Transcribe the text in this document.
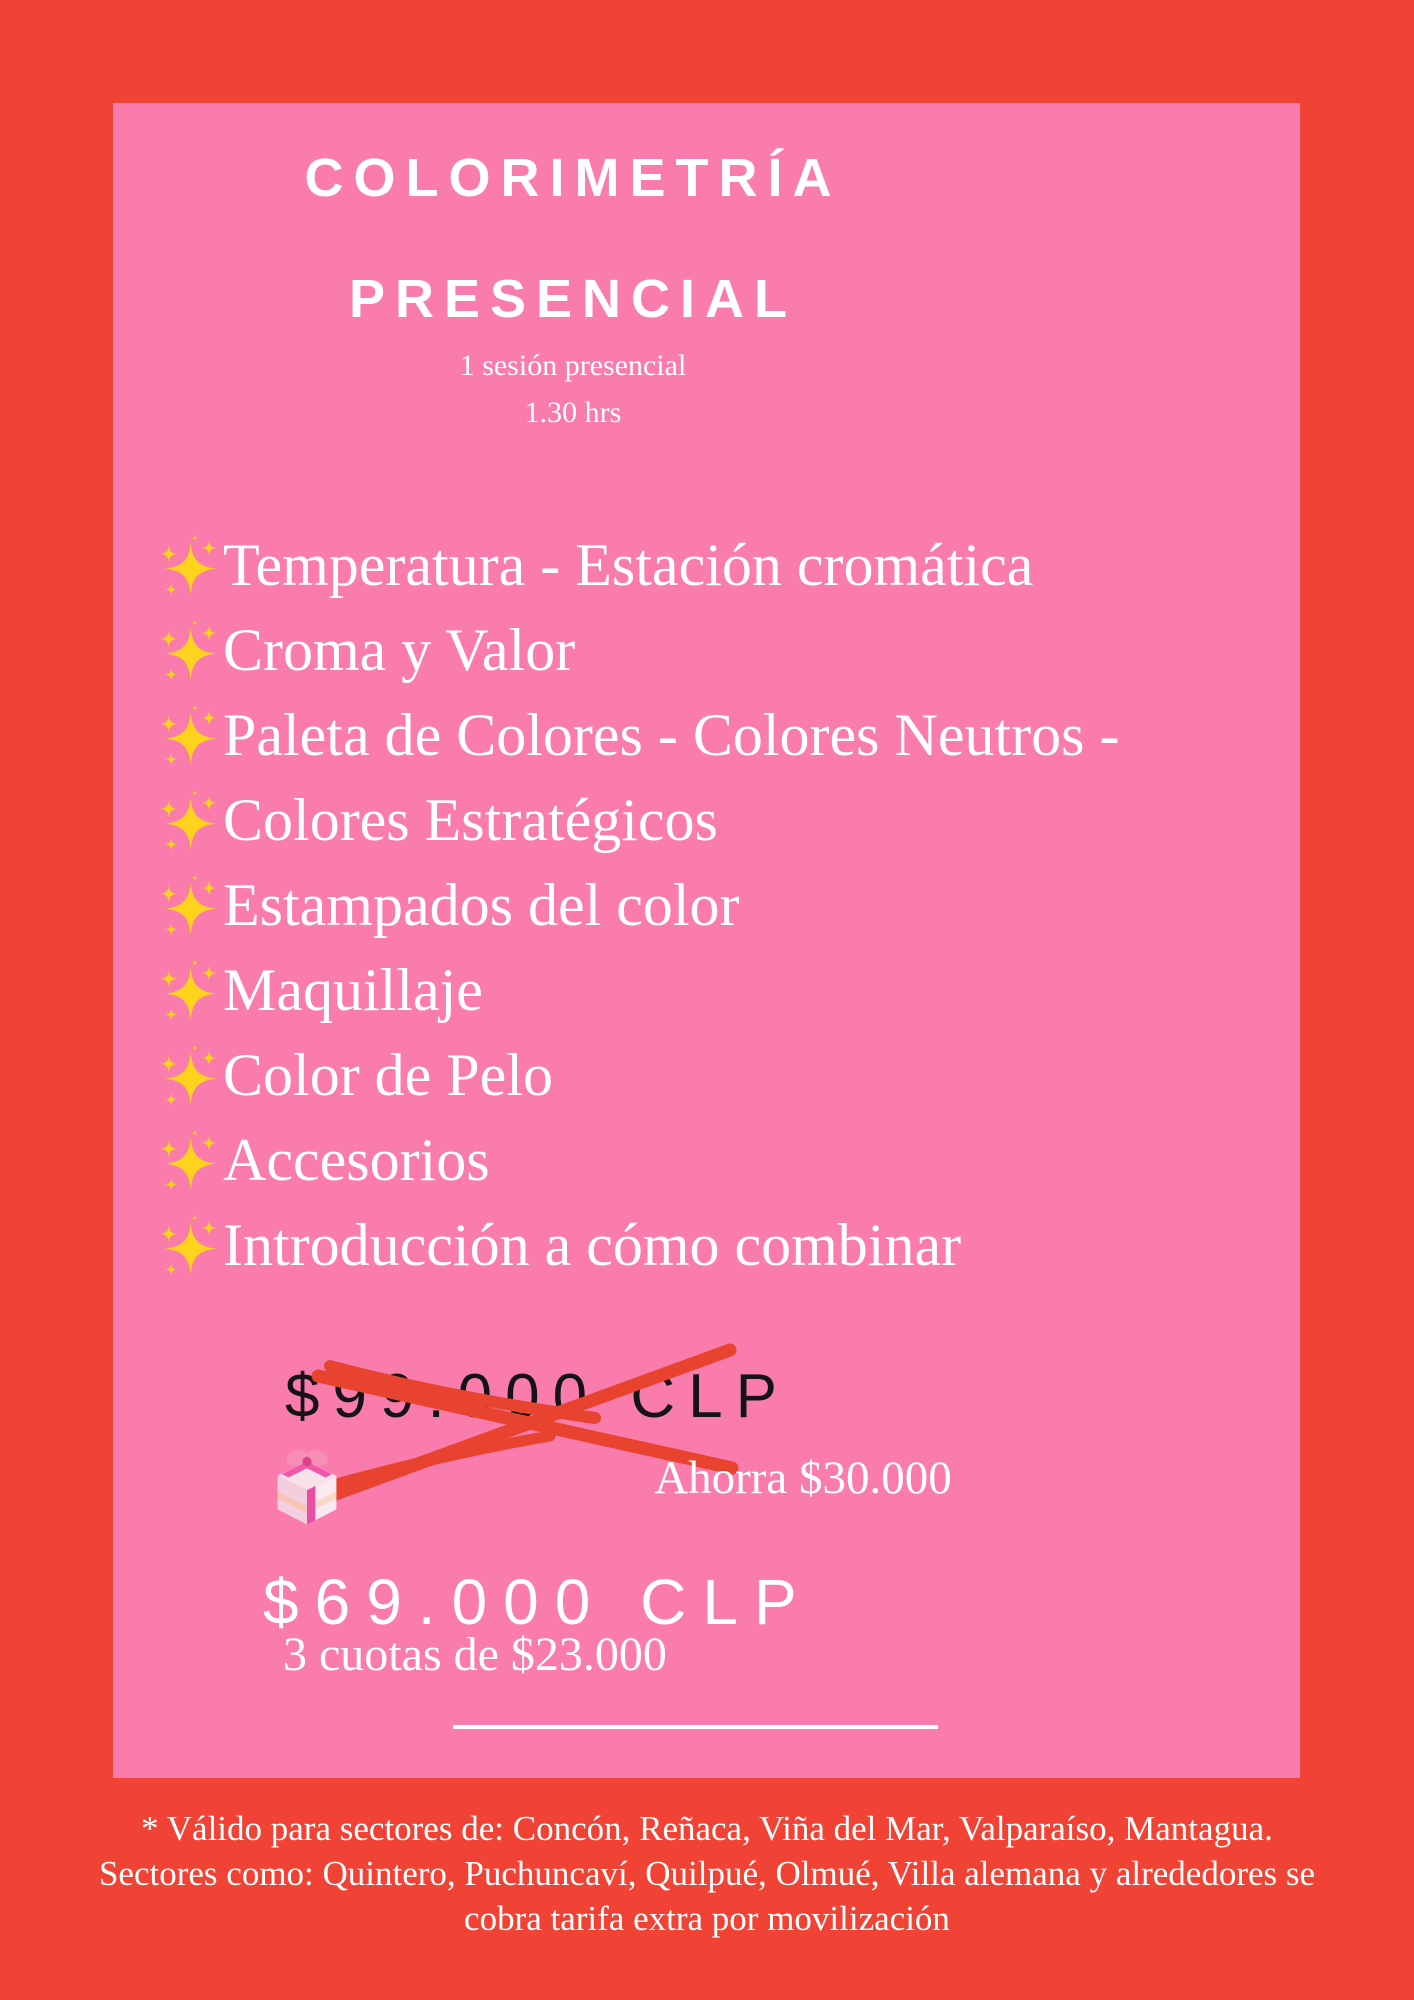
COLORIMETRÍA
PRESENCIAL
1 sesión presencial
1.30 hrs
Temperatura - Estación cromática
Croma y Valor
Paleta de Colores - Colores Neutros -
Colores Estratégicos
Estampados del color
Maquillaje
Color de Pelo
Accesorios
Introducción a cómo combinar
$99.000 CLP
Ahorra $30.000
$69.000 CLP
3 cuotas de $23.000
* Válido para sectores de: Concón, Reñaca, Viña del Mar, Valparaíso, Mantagua.
Sectores como: Quintero, Puchuncaví, Quilpué, Olmué, Villa alemana y alrededores se
cobra tarifa extra por movilización
